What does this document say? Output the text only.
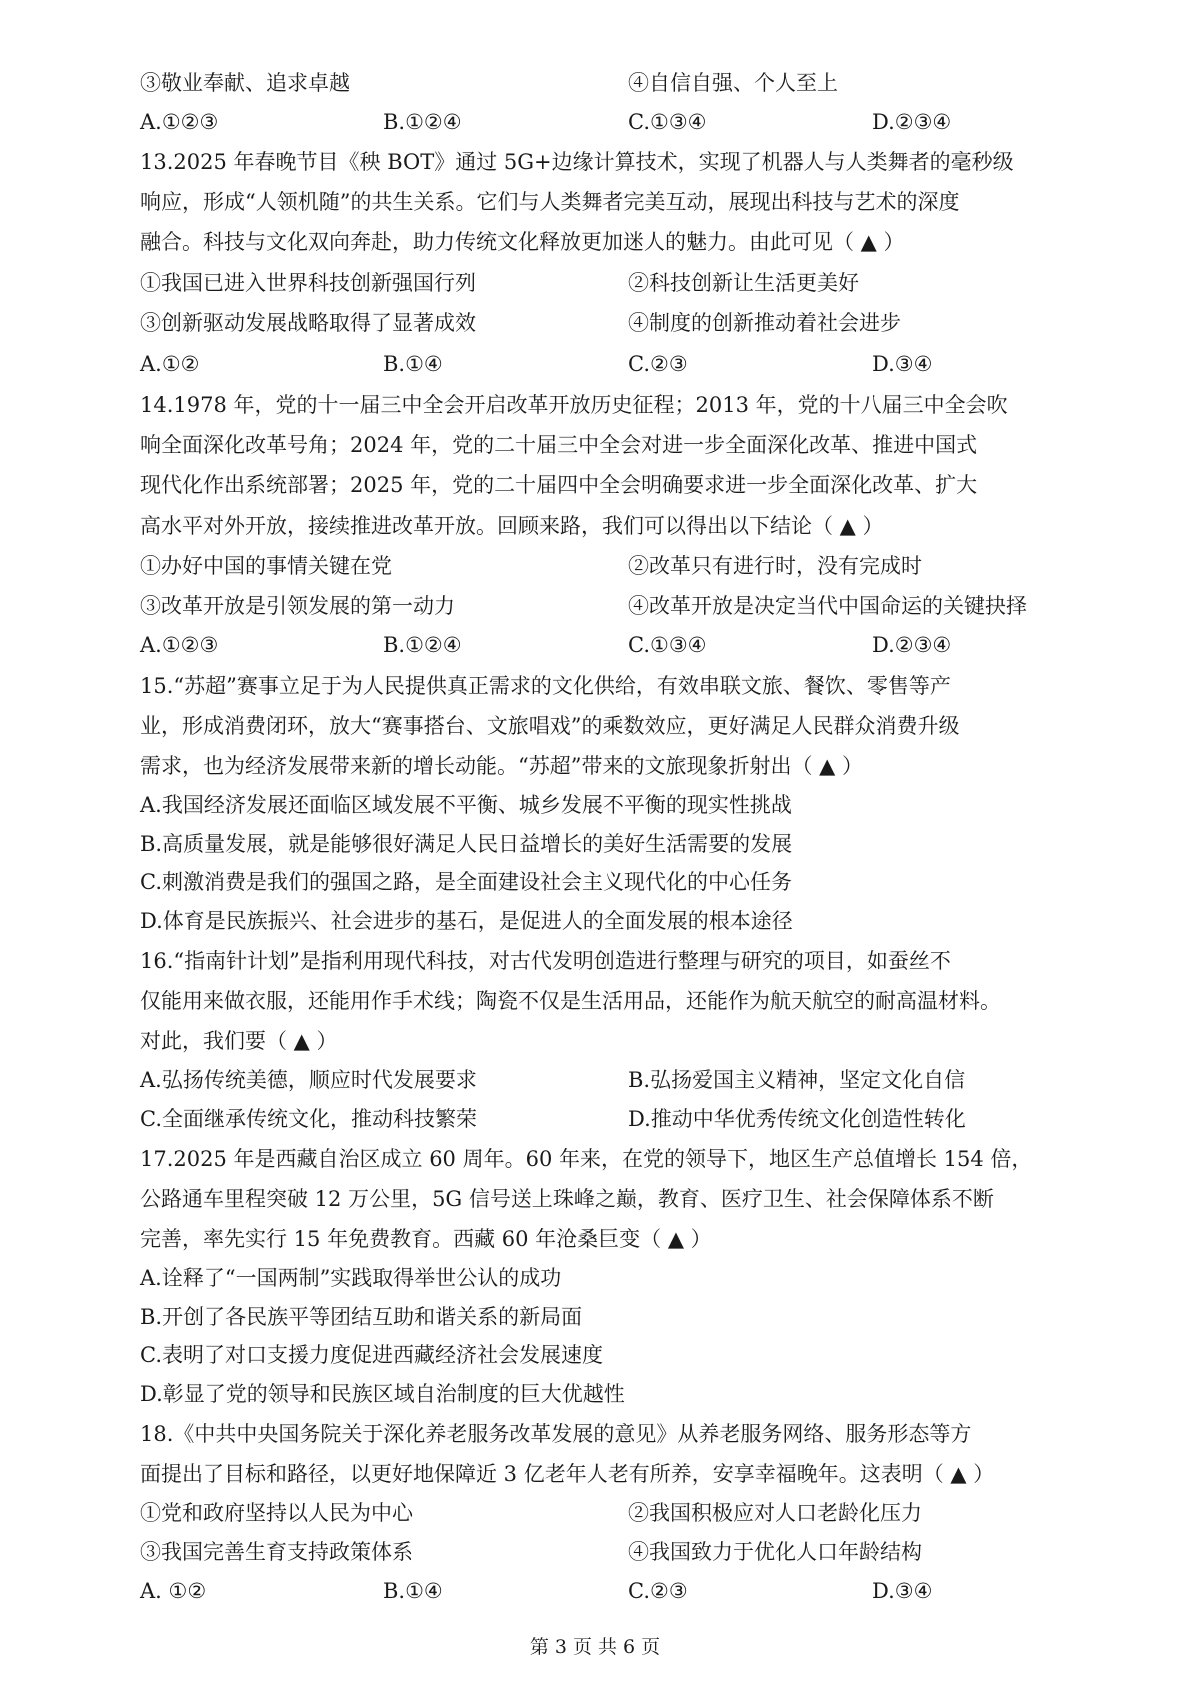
③敬业奉献、追求卓越	④自信自强、个人至上
A.①②③	B.①②④	C.①③④	D.②③④
13.2025 年春晚节目《秧 BOT》通过 5G+边缘计算技术，实现了机器人与人类舞者的毫秒级
响应，形成“人领机随”的共生关系。它们与人类舞者完美互动，展现出科技与艺术的深度
融合。科技与文化双向奔赴，助力传统文化释放更加迷人的魅力。由此可见（ ▲ ）
①我国已进入世界科技创新强国行列	②科技创新让生活更美好
③创新驱动发展战略取得了显著成效	④制度的创新推动着社会进步
A.①②	B.①④	C.②③	D.③④
14.1978 年，党的十一届三中全会开启改革开放历史征程；2013 年，党的十八届三中全会吹
响全面深化改革号角；2024 年，党的二十届三中全会对进一步全面深化改革、推进中国式
现代化作出系统部署；2025 年，党的二十届四中全会明确要求进一步全面深化改革、扩大
高水平对外开放，接续推进改革开放。回顾来路，我们可以得出以下结论（ ▲ ）
①办好中国的事情关键在党	②改革只有进行时，没有完成时
③改革开放是引领发展的第一动力	④改革开放是决定当代中国命运的关键抉择
A.①②③	B.①②④	C.①③④	D.②③④
15.“苏超”赛事立足于为人民提供真正需求的文化供给，有效串联文旅、餐饮、零售等产
业，形成消费闭环，放大“赛事搭台、文旅唱戏”的乘数效应，更好满足人民群众消费升级
需求，也为经济发展带来新的增长动能。“苏超”带来的文旅现象折射出（ ▲ ）
A.我国经济发展还面临区域发展不平衡、城乡发展不平衡的现实性挑战
B.高质量发展，就是能够很好满足人民日益增长的美好生活需要的发展
C.刺激消费是我们的强国之路，是全面建设社会主义现代化的中心任务
D.体育是民族振兴、社会进步的基石，是促进人的全面发展的根本途径
16.“指南针计划”是指利用现代科技，对古代发明创造进行整理与研究的项目，如蚕丝不
仅能用来做衣服，还能用作手术线；陶瓷不仅是生活用品，还能作为航天航空的耐高温材料。
对此，我们要（ ▲ ）
A.弘扬传统美德，顺应时代发展要求	B.弘扬爱国主义精神，坚定文化自信
C.全面继承传统文化，推动科技繁荣	D.推动中华优秀传统文化创造性转化
17.2025 年是西藏自治区成立 60 周年。60 年来，在党的领导下，地区生产总值增长 154 倍，
公路通车里程突破 12 万公里，5G 信号送上珠峰之巅，教育、医疗卫生、社会保障体系不断
完善，率先实行 15 年免费教育。西藏 60 年沧桑巨变（ ▲ ）
A.诠释了“一国两制”实践取得举世公认的成功
B.开创了各民族平等团结互助和谐关系的新局面
C.表明了对口支援力度促进西藏经济社会发展速度
D.彰显了党的领导和民族区域自治制度的巨大优越性
18.《中共中央国务院关于深化养老服务改革发展的意见》从养老服务网络、服务形态等方
面提出了目标和路径，以更好地保障近 3 亿老年人老有所养，安享幸福晚年。这表明（ ▲ ）
①党和政府坚持以人民为中心	②我国积极应对人口老龄化压力
③我国完善生育支持政策体系	④我国致力于优化人口年龄结构
A. ①②	B.①④	C.②③	D.③④
第 3 页 共 6 页
